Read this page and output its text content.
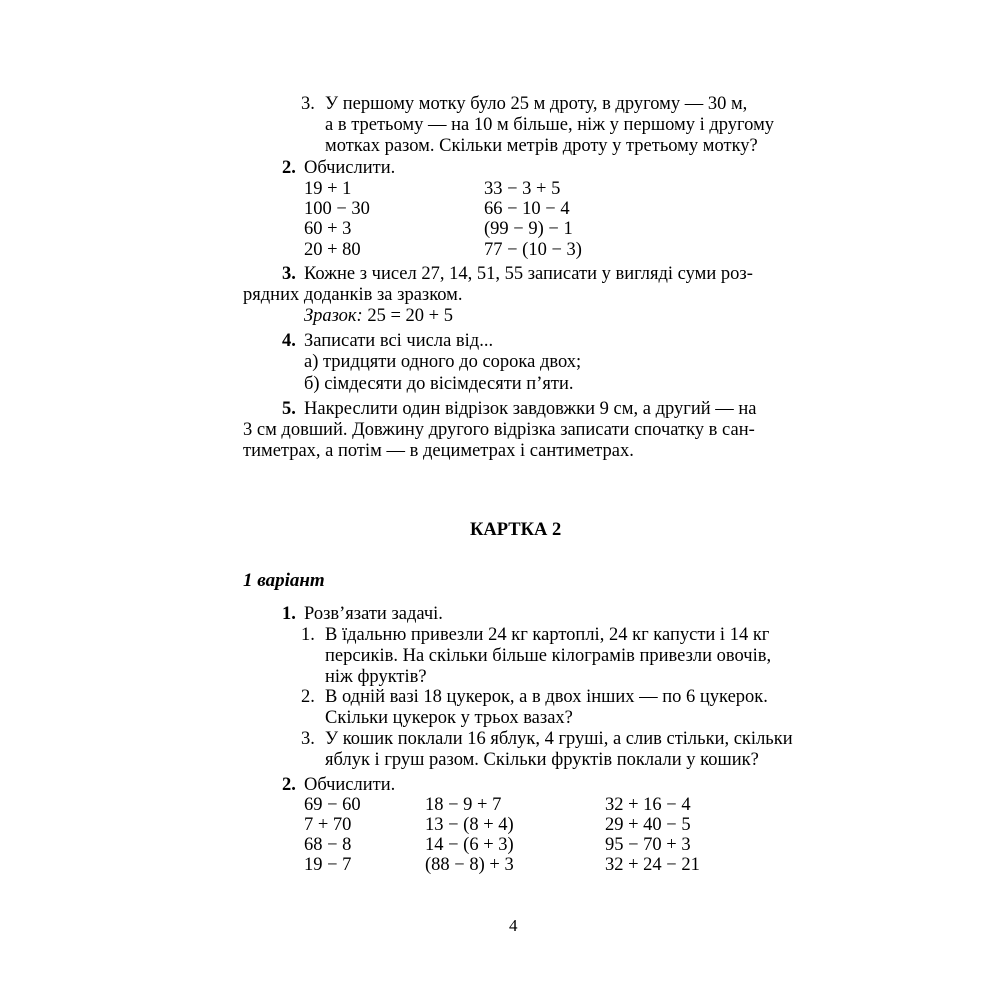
3. У першому мотку було 25 м дроту, в другому — 30 м,
а в третьому — на 10 м більше, ніж у першому і другому
мотках разом. Скільки метрів дроту у третьому мотку?
2. Обчислити.
19 + 1
100 − 30
60 + 3
20 + 80
33 − 3 + 5
66 − 10 − 4
(99 − 9) − 1
77 − (10 − 3)
3. Кожне з чисел 27, 14, 51, 55 записати у вигляді суми роз-
рядних доданків за зразком.
Зразок: 25 = 20 + 5
4. Записати всі числа від...
а) тридцяти одного до сорока двох;
б) сімдесяти до вісімдесяти п’яти.
5. Накреслити один відрізок завдовжки 9 см, а другий — на
3 см довший. Довжину другого відрізка записати спочатку в сан-
тиметрах, а потім — в дециметрах і сантиметрах.
КАРТКА 2
1 варіант
1. Розв’язати задачі.
1. В їдальню привезли 24 кг картоплі, 24 кг капусти і 14 кг
персиків. На скільки більше кілограмів привезли овочів,
ніж фруктів?
2. В одній вазі 18 цукерок, а в двох інших — по 6 цукерок.
Скільки цукерок у трьох вазах?
3. У кошик поклали 16 яблук, 4 груші, а слив стільки, скільки
яблук і груш разом. Скільки фруктів поклали у кошик?
2. Обчислити.
69 − 60
7 + 70
68 − 8
19 − 7
18 − 9 + 7
13 − (8 + 4)
14 − (6 + 3)
(88 − 8) + 3
32 + 16 − 4
29 + 40 − 5
95 − 70 + 3
32 + 24 − 21
4
